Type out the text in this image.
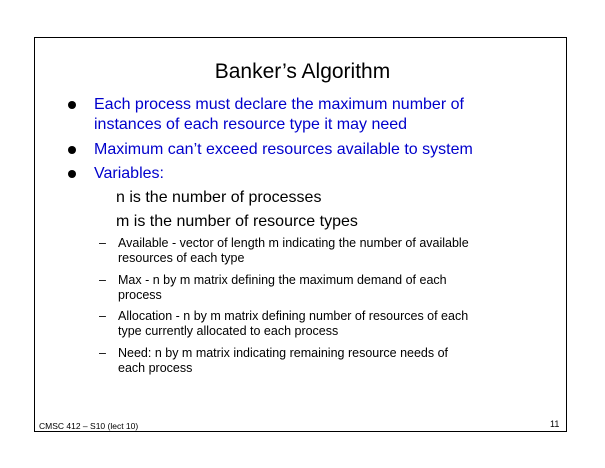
Banker’s Algorithm
Each process must declare the maximum number of
instances of each resource type it may need
Maximum can’t exceed resources available to system
Variables:
n is the number of processes
m is the number of resource types
– Available - vector of length m indicating the number of available
resources of each type
– Max - n by m matrix defining the maximum demand of each
process
– Allocation - n by m matrix defining number of resources of each
type currently allocated to each process
– Need: n by m matrix indicating remaining resource needs of
each process
CMSC 412 – S10 (lect 10)	11
